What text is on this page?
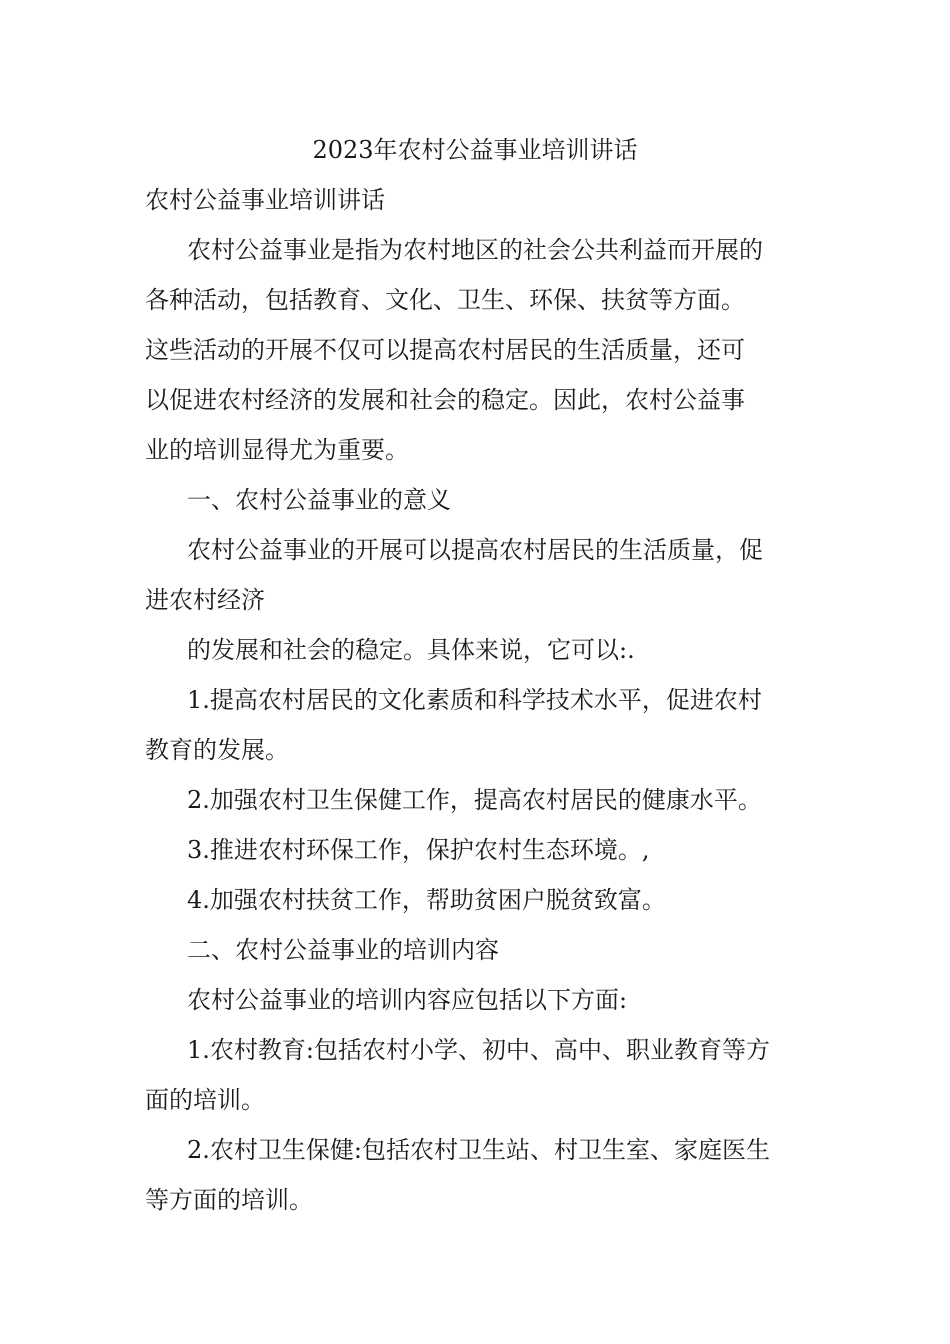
2023年农村公益事业培训讲话
农村公益事业培训讲话
农村公益事业是指为农村地区的社会公共利益而开展的
各种活动，包括教育、文化、卫生、环保、扶贫等方面。
这些活动的开展不仅可以提高农村居民的生活质量，还可
以促进农村经济的发展和社会的稳定。因此，农村公益事
业的培训显得尤为重要。
一、农村公益事业的意义
农村公益事业的开展可以提高农村居民的生活质量，促
进农村经济
的发展和社会的稳定。具体来说，它可以:.
1.提高农村居民的文化素质和科学技术水平，促进农村
教育的发展。
2.加强农村卫生保健工作，提高农村居民的健康水平。
3.推进农村环保工作，保护农村生态环境。,
4.加强农村扶贫工作，帮助贫困户脱贫致富。
二、农村公益事业的培训内容
农村公益事业的培训内容应包括以下方面:
1.农村教育:包括农村小学、初中、高中、职业教育等方
面的培训。
2.农村卫生保健:包括农村卫生站、村卫生室、家庭医生
等方面的培训。
